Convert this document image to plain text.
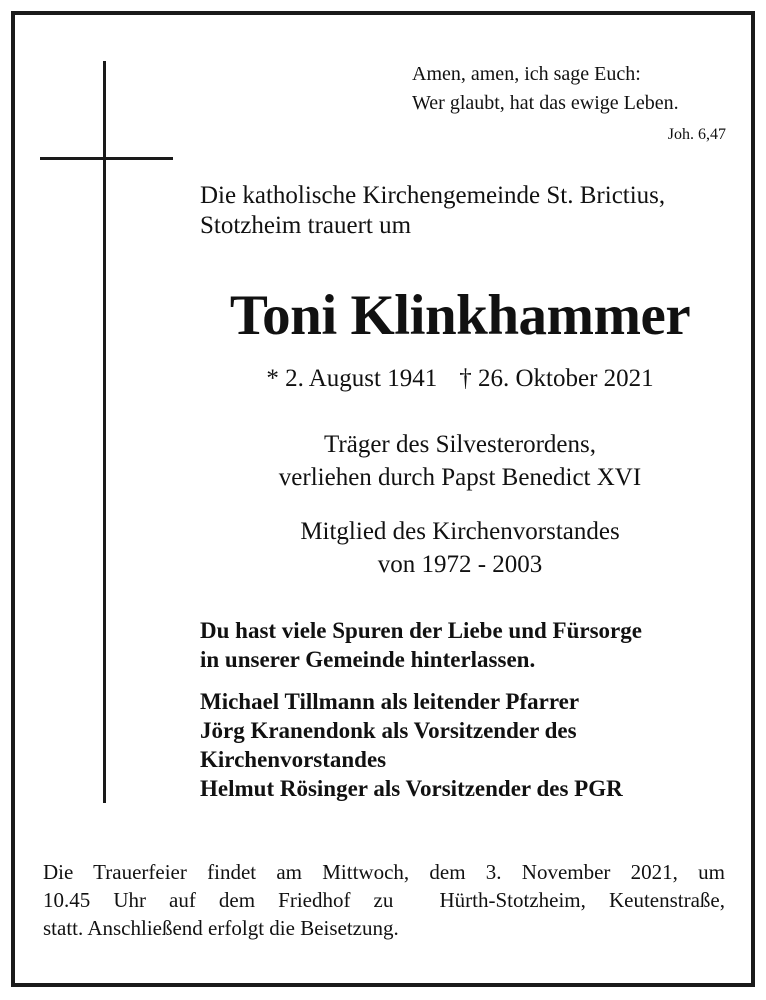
Amen, amen, ich sage Euch:
Wer glaubt, hat das ewige Leben.
Joh. 6,47
Die katholische Kirchengemeinde St. Brictius,
Stotzheim trauert um
Toni Klinkhammer
* 2. August 1941 † 26. Oktober 2021
Träger des Silvesterordens,
verliehen durch Papst Benedict XVI
Mitglied des Kirchenvorstandes
von 1972 - 2003
Du hast viele Spuren der Liebe und Fürsorge
in unserer Gemeinde hinterlassen.
Michael Tillmann als leitender Pfarrer
Jörg Kranendonk als Vorsitzender des
Kirchenvorstandes
Helmut Rösinger als Vorsitzender des PGR
Die Trauerfeier findet am Mittwoch, dem 3. November 2021, um
10.45 Uhr auf dem Friedhof zu  Hürth-Stotzheim, Keutenstraße,
statt. Anschließend erfolgt die Beisetzung.
